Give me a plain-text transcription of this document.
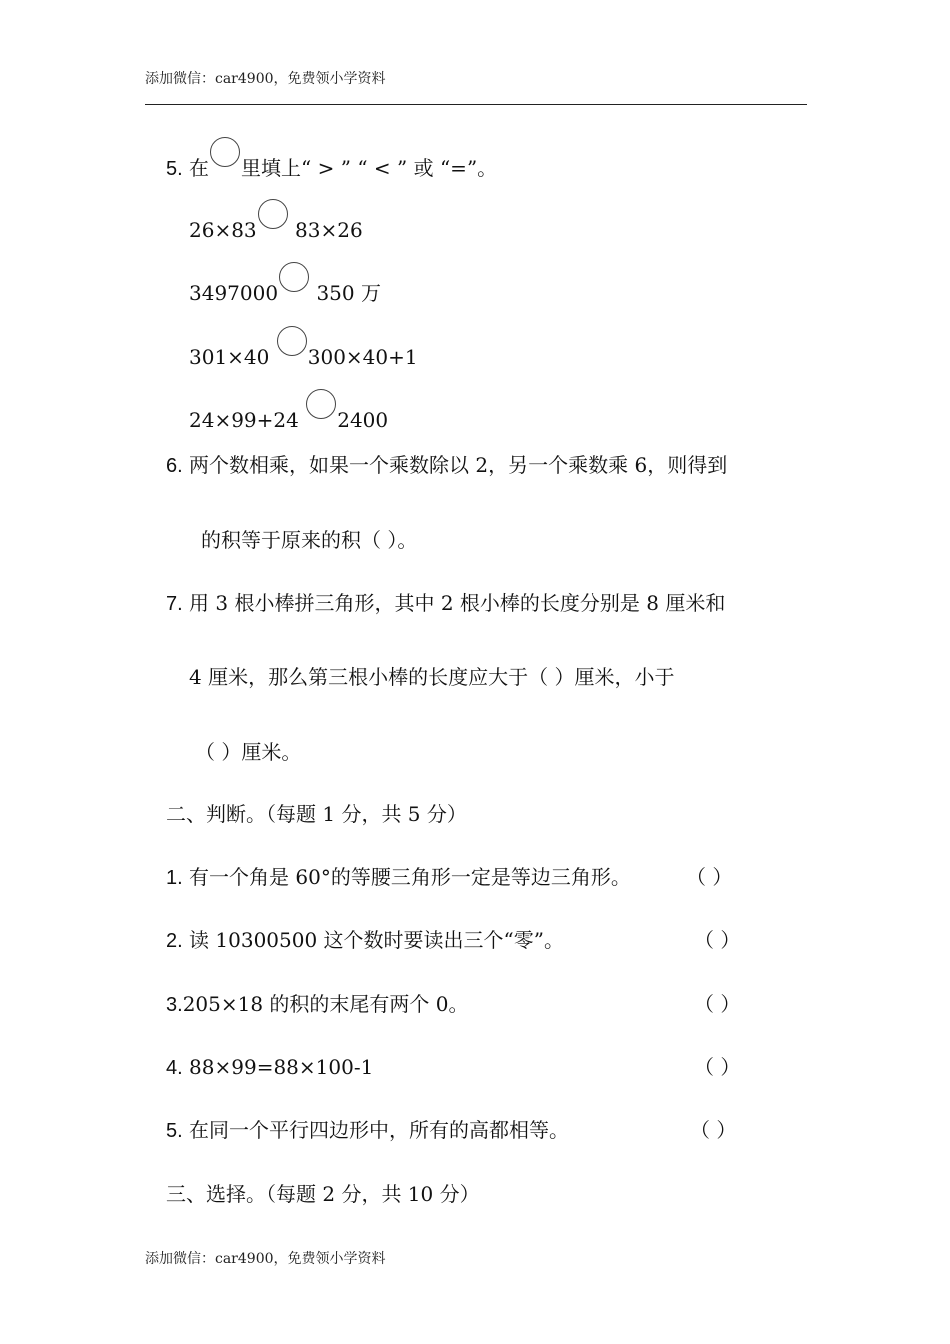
添加微信：car4900，免费领小学资料
5. 在 里填上“ > ” “ < ” 或 “=”。
26×83 83×26
3497000 350 万
301×40 300×40+1
24×99+24 2400
6. 两个数相乘，如果一个乘数除以 2，另一个乘数乘 6，则得到
的积等于原来的积（ ）。
7. 用 3 根小棒拼三角形，其中 2 根小棒的长度分别是 8 厘米和
4 厘米，那么第三根小棒的长度应大于（ ）厘米，小于
（ ）厘米。
二、判断。（每题 1 分，共 5 分）
1. 有一个角是 60°的等腰三角形一定是等边三角形。	（ ）
2. 读 10300500 这个数时要读出三个“零”。	（ ）
3.205×18 的积的末尾有两个 0。	（ ）
4. 88×99=88×100-1	（ ）
5. 在同一个平行四边形中，所有的高都相等。	（ ）
三、选择。（每题 2 分，共 10 分）
添加微信：car4900，免费领小学资料
